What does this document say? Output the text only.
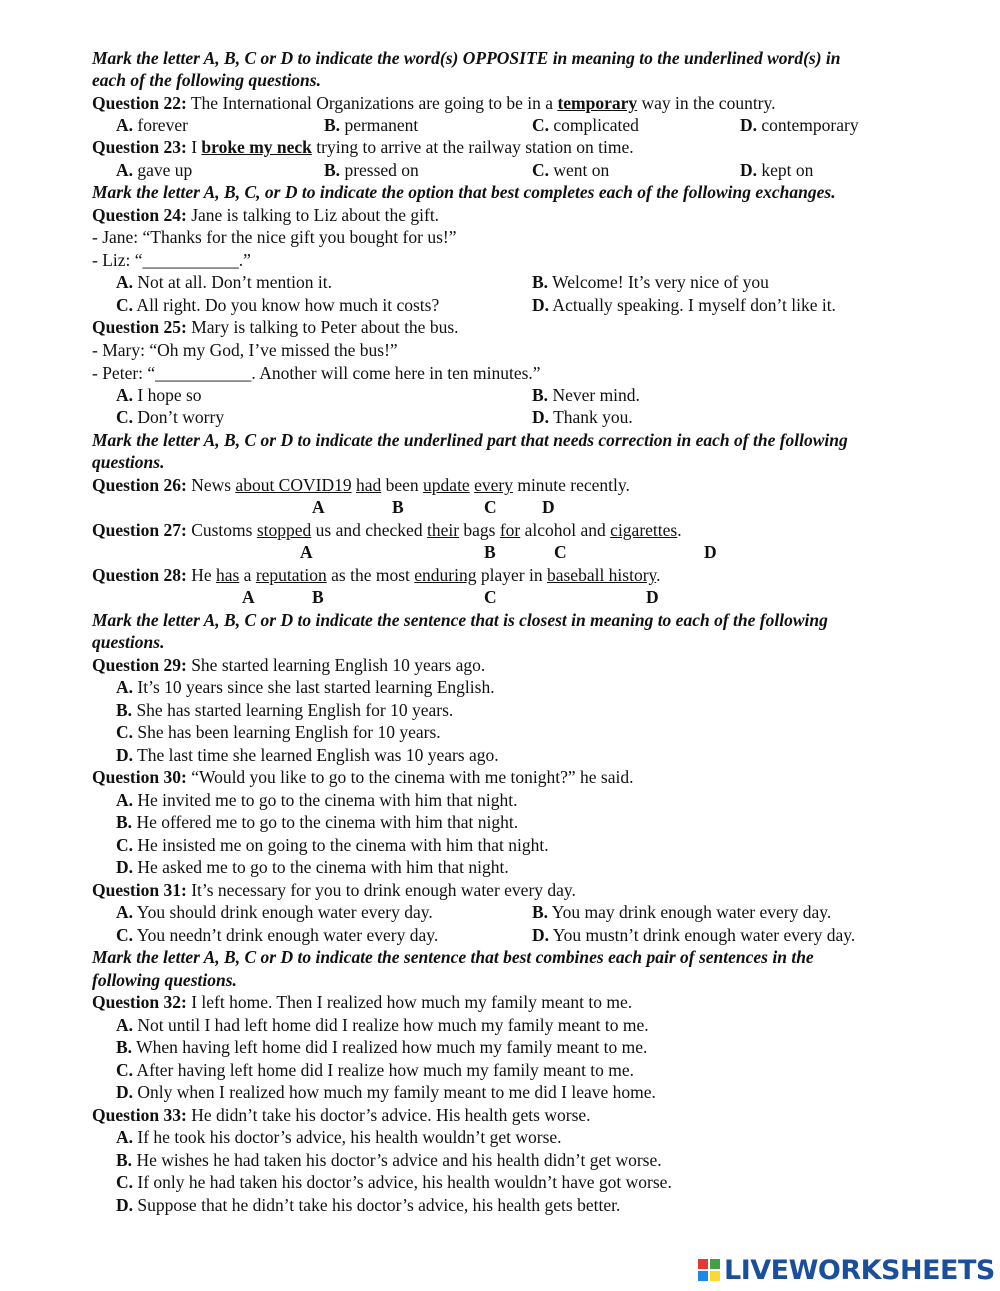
Mark the letter A, B, C or D to indicate the word(s) OPPOSITE in meaning to the underlined word(s) in
each of the following questions.
Question 22: The International Organizations are going to be in a temporary way in the country.
A. forever	B. permanent	C. complicated	D. contemporary
Question 23: I broke my neck trying to arrive at the railway station on time.
A. gave up	B. pressed on	C. went on	D. kept on
Mark the letter A, B, C, or D to indicate the option that best completes each of the following exchanges.
Question 24: Jane is talking to Liz about the gift.
- Jane: “Thanks for the nice gift you bought for us!”
- Liz: “___________.”
A. Not at all. Don’t mention it.	B. Welcome! It’s very nice of you
C. All right. Do you know how much it costs?	D. Actually speaking. I myself don’t like it.
Question 25: Mary is talking to Peter about the bus.
- Mary: “Oh my God, I’ve missed the bus!”
- Peter: “___________. Another will come here in ten minutes.”
A. I hope so	B. Never mind.
C. Don’t worry	D. Thank you.
Mark the letter A, B, C or D to indicate the underlined part that needs correction in each of the following
questions.
Question 26: News about COVID19 had been update every minute recently.
A	B	C	D
Question 27: Customs stopped us and checked their bags for alcohol and cigarettes.
A	B	C	D
Question 28: He has a reputation as the most enduring player in baseball history.
A	B	C	D
Mark the letter A, B, C or D to indicate the sentence that is closest in meaning to each of the following
questions.
Question 29: She started learning English 10 years ago.
A. It’s 10 years since she last started learning English.
B. She has started learning English for 10 years.
C. She has been learning English for 10 years.
D. The last time she learned English was 10 years ago.
Question 30: “Would you like to go to the cinema with me tonight?” he said.
A. He invited me to go to the cinema with him that night.
B. He offered me to go to the cinema with him that night.
C. He insisted me on going to the cinema with him that night.
D. He asked me to go to the cinema with him that night.
Question 31: It’s necessary for you to drink enough water every day.
A. You should drink enough water every day.	B. You may drink enough water every day.
C. You needn’t drink enough water every day.	D. You mustn’t drink enough water every day.
Mark the letter A, B, C or D to indicate the sentence that best combines each pair of sentences in the
following questions.
Question 32: I left home. Then I realized how much my family meant to me.
A. Not until I had left home did I realize how much my family meant to me.
B. When having left home did I realized how much my family meant to me.
C. After having left home did I realize how much my family meant to me.
D. Only when I realized how much my family meant to me did I leave home.
Question 33: He didn’t take his doctor’s advice. His health gets worse.
A. If he took his doctor’s advice, his health wouldn’t get worse.
B. He wishes he had taken his doctor’s advice and his health didn’t get worse.
C. If only he had taken his doctor’s advice, his health wouldn’t have got worse.
D. Suppose that he didn’t take his doctor’s advice, his health gets better.
LIVEWORKSHEETS
